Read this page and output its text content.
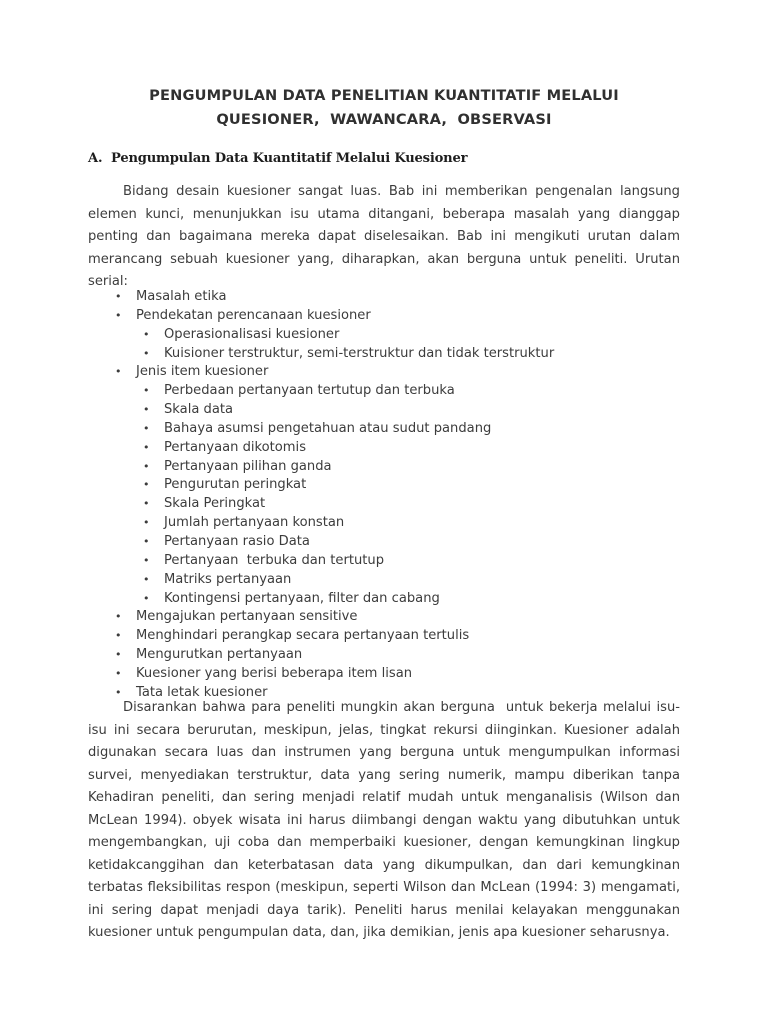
PENGUMPULAN DATA PENELITIAN KUANTITATIF MELALUI
QUESIONER,  WAWANCARA,  OBSERVASI
A.  Pengumpulan Data Kuantitatif Melalui Kuesioner

Bidang desain kuesioner sangat luas. Bab ini memberikan pengenalan langsung elemen kunci, menunjukkan isu utama ditangani, beberapa masalah yang dianggap penting dan bagaimana mereka dapat diselesaikan. Bab ini mengikuti urutan dalam merancang sebuah kuesioner yang, diharapkan, akan berguna untuk peneliti. Urutan serial:

• Masalah etika
• Pendekatan perencanaan kuesioner
• Operasionalisasi kuesioner
• Kuisioner terstruktur, semi-terstruktur dan tidak terstruktur
• Jenis item kuesioner
• Perbedaan pertanyaan tertutup dan terbuka
• Skala data
• Bahaya asumsi pengetahuan atau sudut pandang
• Pertanyaan dikotomis
• Pertanyaan pilihan ganda
• Pengurutan peringkat
• Skala Peringkat
• Jumlah pertanyaan konstan
• Pertanyaan rasio Data
• Pertanyaan  terbuka dan tertutup
• Matriks pertanyaan
• Kontingensi pertanyaan, filter dan cabang
• Mengajukan pertanyaan sensitive
• Menghindari perangkap secara pertanyaan tertulis
• Mengurutkan pertanyaan
• Kuesioner yang berisi beberapa item lisan
• Tata letak kuesioner

Disarankan bahwa para peneliti mungkin akan berguna  untuk bekerja melalui isu-isu ini secara berurutan, meskipun, jelas, tingkat rekursi diinginkan. Kuesioner adalah digunakan secara luas dan instrumen yang berguna untuk mengumpulkan informasi survei, menyediakan terstruktur, data yang sering numerik, mampu diberikan tanpa Kehadiran peneliti, dan sering menjadi relatif mudah untuk menganalisis (Wilson dan McLean 1994). obyek wisata ini harus diimbangi dengan waktu yang dibutuhkan untuk mengembangkan, uji coba dan memperbaiki kuesioner, dengan kemungkinan lingkup ketidakcanggihan dan keterbatasan data yang dikumpulkan, dan dari kemungkinan terbatas fleksibilitas respon (meskipun, seperti Wilson dan McLean (1994: 3) mengamati, ini sering dapat menjadi daya tarik). Peneliti harus menilai kelayakan menggunakan kuesioner untuk pengumpulan data, dan, jika demikian, jenis apa kuesioner seharusnya.
